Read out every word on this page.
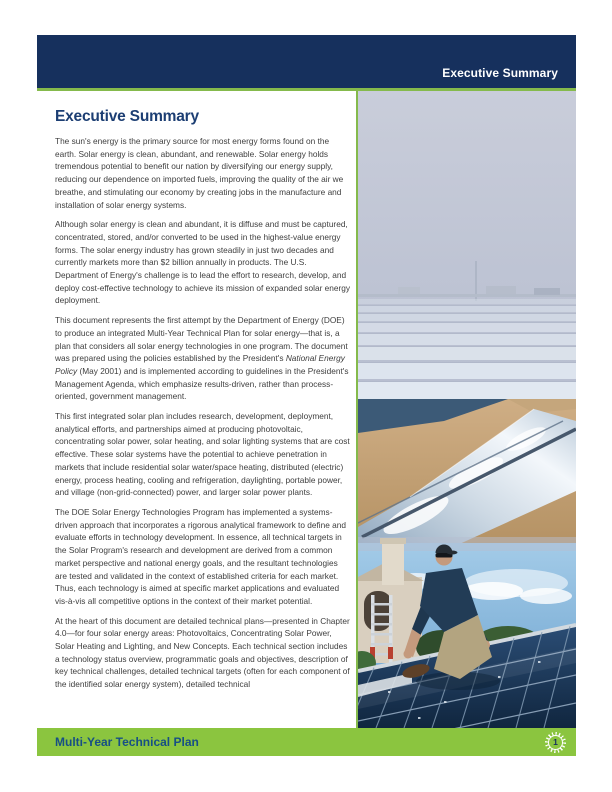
Executive Summary
Executive Summary

The sun's energy is the primary source for most energy forms found on the earth. Solar energy is clean, abundant, and renewable. Solar energy holds tremendous potential to benefit our nation by diversifying our energy supply, reducing our dependence on imported fuels, improving the quality of the air we breathe, and stimulating our economy by creating jobs in the manufacture and installation of solar energy systems.

Although solar energy is clean and abundant, it is diffuse and must be captured, concentrated, stored, and/or converted to be used in the highest-value energy forms. The solar energy industry has grown steadily in just two decades and currently markets more than $2 billion annually in products. The U.S. Department of Energy's challenge is to lead the effort to research, develop, and deploy cost-effective technology to achieve its mission of expanded solar energy deployment.

This document represents the first attempt by the Department of Energy (DOE) to produce an integrated Multi-Year Technical Plan for solar energy—that is, a plan that considers all solar energy technologies in one program. The document was prepared using the policies established by the President's National Energy Policy (May 2001) and is implemented according to guidelines in the President's Management Agenda, which emphasize results-driven, rather than process-oriented, government management.

This first integrated solar plan includes research, development, deployment, analytical efforts, and partnerships aimed at producing photovoltaic, concentrating solar power, solar heating, and solar lighting systems that are cost effective. These solar systems have the potential to achieve penetration in markets that include residential solar water/space heating, distributed (electric) energy, process heating, cooling and refrigeration, daylighting, portable power, and village (non-grid-connected) power, and larger solar power plants.

The DOE Solar Energy Technologies Program has implemented a systems-driven approach that incorporates a rigorous analytical framework to define and evaluate efforts in technology development. In essence, all technical targets in the Solar Program's research and development are derived from a common market perspective and national energy goals, and the resultant technologies are tested and validated in the context of established criteria for each market. Thus, each technology is aimed at specific market applications and evaluated vis-à-vis all competitive options in the context of their market potential.

At the heart of this document are detailed technical plans—presented in Chapter 4.0—for four solar energy areas: Photovoltaics, Concentrating Solar Power, Solar Heating and Lighting, and New Concepts. Each technical section includes a technology status overview, programmatic goals and objectives, description of key technical challenges, detailed technical targets (often for each component of the identified solar energy system), detailed technical

Multi-Year Technical Plan	1
